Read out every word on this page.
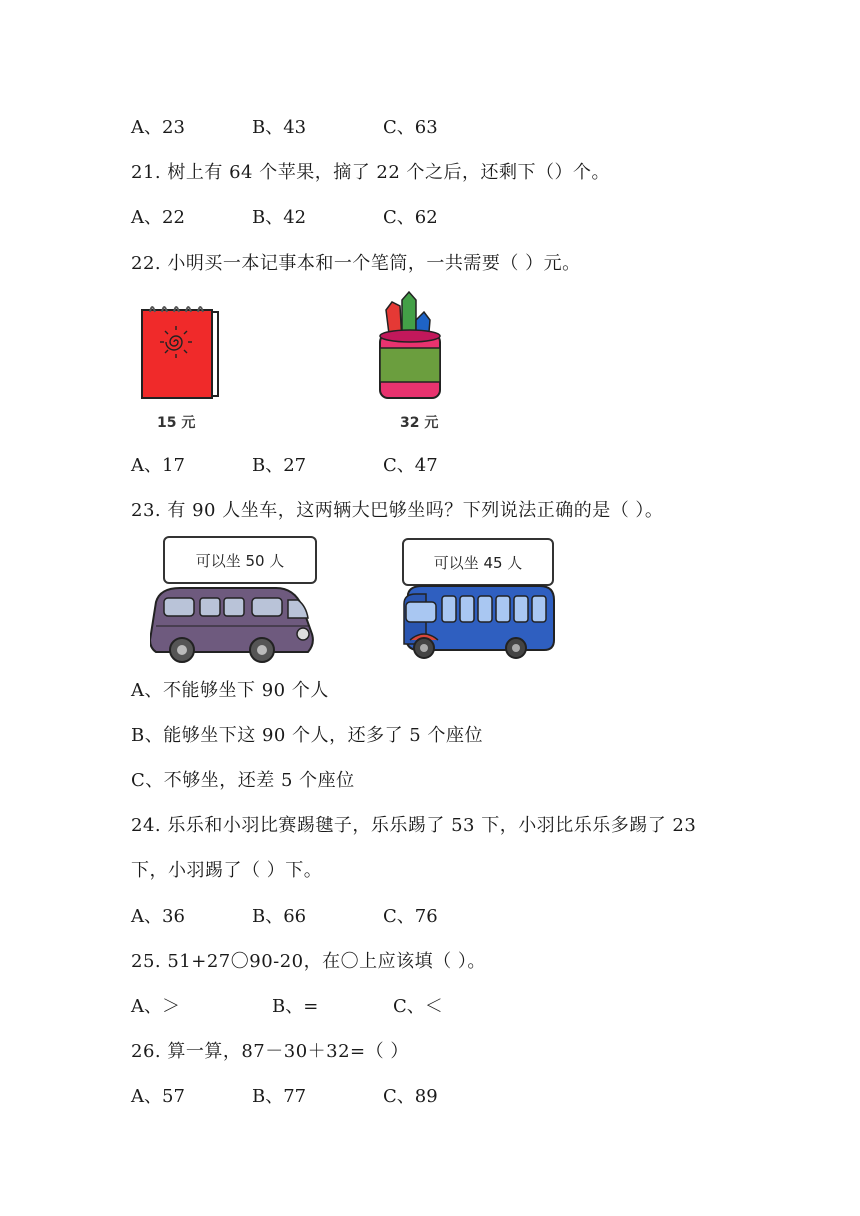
A、23	B、43	C、63
21. 树上有 64 个苹果，摘了 22 个之后，还剩下（）个。
A、22	B、42	C、62
22. 小明买一本记事本和一个笔筒，一共需要（ ）元。
15 元	32 元
A、17	B、27	C、47
23. 有 90 人坐车，这两辆大巴够坐吗？下列说法正确的是（ ）。
可以坐 50 人	可以坐 45 人
A、不能够坐下 90 个人
B、能够坐下这 90 个人，还多了 5 个座位
C、不够坐，还差 5 个座位
24. 乐乐和小羽比赛踢毽子，乐乐踢了 53 下，小羽比乐乐多踢了 23
下，小羽踢了（ ）下。
A、36	B、66	C、76
25. 51+27〇90-20，在〇上应该填（ ）。
A、＞	B、=	C、＜
26. 算一算，87－30＋32=（ ）
A、57	B、77	C、89
